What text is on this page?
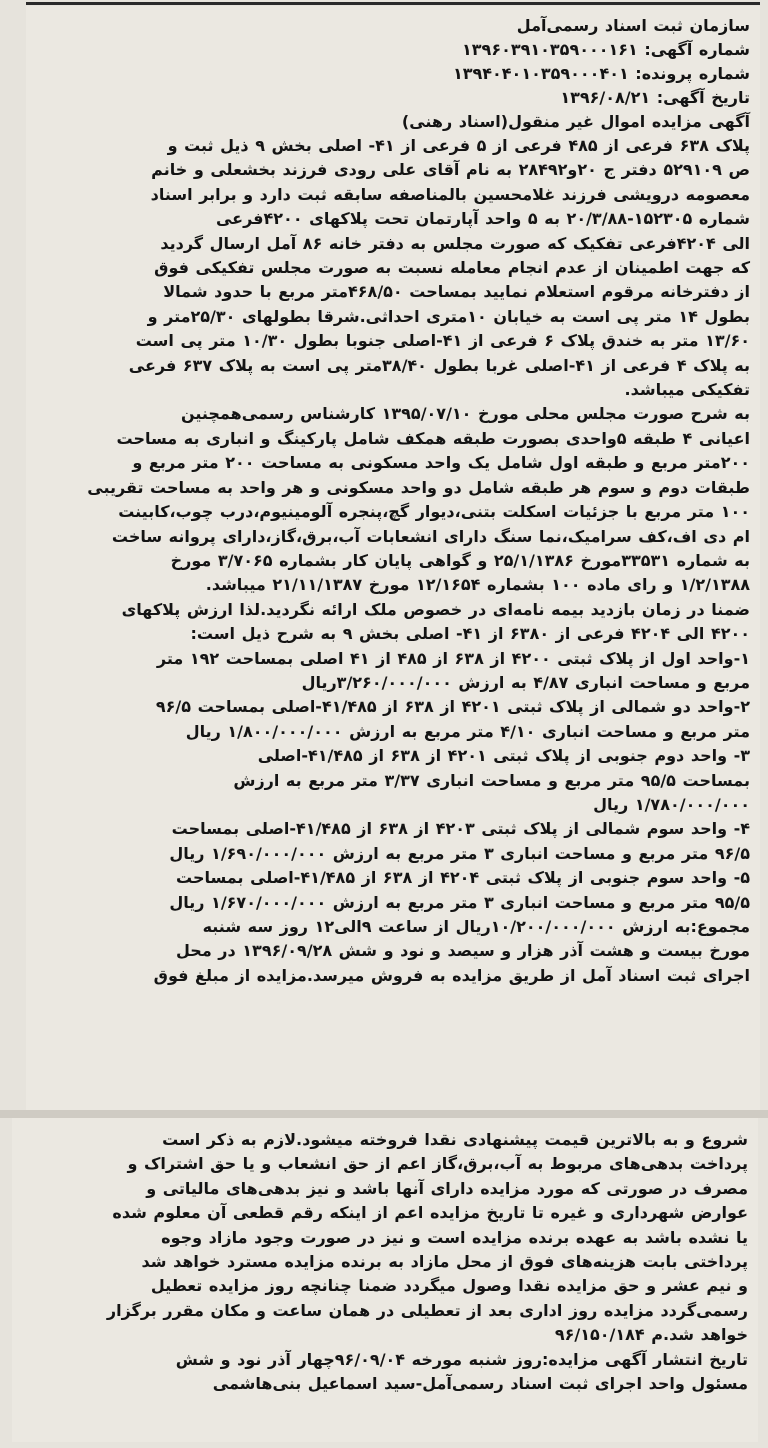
سازمان ثبت اسناد رسمی‌آمل
شماره آگهی: ۱۳۹۶۰۳۹۱۰۳۵۹۰۰۰۱۶۱
شماره پرونده: ۱۳۹۴۰۴۰۱۰۳۵۹۰۰۰۴۰۱
تاریخ آگهی: ۱۳۹۶/۰۸/۲۱
آگهی مزایده اموال غیر منقول(اسناد رهنی)
پلاک ۶۳۸ فرعی از ۴۸۵ فرعی از ۵ فرعی از ۴۱- اصلی بخش ۹ ذیل ثبت و
ص ۵۲۹۱۰۹ دفتر ج ۲۰و۲۸۴۹۲ به نام آقای علی رودی فرزند بخشعلی و خانم
معصومه درویشی فرزند غلامحسین بالمناصفه سابقه ثبت دارد و برابر اسناد
شماره ۱۵۲۳۰۵-۲۰/۳/۸۸ به ۵ واحد آپارتمان تحت پلاکهای ۴۲۰۰فرعی
الی ۴۲۰۴فرعی تفکیک که صورت مجلس به دفتر خانه ۸۶ آمل ارسال گردید
که جهت اطمینان از عدم انجام معامله نسبت به صورت مجلس تفکیکی فوق
از دفترخانه مرقوم استعلام نمایید بمساحت ۴۶۸/۵۰متر مربع با حدود شمالا
بطول ۱۴ متر پی است به خیابان ۱۰متری احداثی.شرقا بطولهای ۲۵/۳۰متر و
۱۳/۶۰ متر به خندق پلاک ۶ فرعی از ۴۱-اصلی جنوبا بطول ۱۰/۳۰ متر پی است
به پلاک ۴ فرعی از ۴۱-اصلی غربا بطول ۳۸/۴۰متر پی است به پلاک ۶۳۷ فرعی
تفکیکی میباشد.
به شرح صورت مجلس محلی مورخ ۱۳۹۵/۰۷/۱۰ کارشناس رسمی‌همچنین
اعیانی ۴ طبقه ۵واحدی بصورت طبقه همکف شامل پارکینگ و انباری به مساحت
۲۰۰متر مربع و طبقه اول شامل یک واحد مسکونی به مساحت ۲۰۰ متر مربع و
طبقات دوم و سوم هر طبقه شامل دو واحد مسکونی و هر واحد به مساحت تقریبی
۱۰۰ متر مربع با جزئیات اسکلت بتنی،دیوار گچ،پنجره آلومینیوم،درب چوب،کابینت
ام دی اف،کف سرامیک،نما سنگ دارای انشعابات آب،برق،گاز،دارای پروانه ساخت
به شماره ۳۳۵۳۱مورخ ۲۵/۱/۱۳۸۶ و گواهی پایان کار بشماره ۳/۷۰۶۵ مورخ
۱/۲/۱۳۸۸ و رای ماده ۱۰۰ بشماره ۱۲/۱۶۵۴ مورخ ۲۱/۱۱/۱۳۸۷ میباشد.
ضمنا در زمان بازدید بیمه نامه‌ای در خصوص ملک ارائه نگردید.لذا ارزش پلاکهای
۴۲۰۰ الی ۴۲۰۴ فرعی از ۶۳۸۰ از ۴۱- اصلی بخش ۹ به شرح ذیل است:
۱-واحد اول از پلاک ثبتی ۴۲۰۰ از ۶۳۸ از ۴۸۵ از ۴۱ اصلی بمساحت ۱۹۲ متر
مربع و مساحت انباری ۴/۸۷ به ارزش ۳/۲۶۰/۰۰۰/۰۰۰ریال
۲-واحد دو شمالی از پلاک ثبتی ۴۲۰۱ از ۶۳۸ از ۴۱/۴۸۵-اصلی بمساحت ۹۶/۵
متر مربع و مساحت انباری ۴/۱۰ متر مربع به ارزش ۱/۸۰۰/۰۰۰/۰۰۰ ریال
۳- واحد دوم جنوبی از پلاک ثبتی ۴۲۰۱ از ۶۳۸ از ۴۱/۴۸۵-اصلی
بمساحت ۹۵/۵ متر مربع و مساحت انباری ۳/۳۷ متر مربع به ارزش
۱/۷۸۰/۰۰۰/۰۰۰ ریال
۴- واحد سوم شمالی از پلاک ثبتی ۴۲۰۳ از ۶۳۸ از ۴۱/۴۸۵-اصلی بمساحت
۹۶/۵ متر مربع و مساحت انباری ۳ متر مربع به ارزش ۱/۶۹۰/۰۰۰/۰۰۰ ریال
۵- واحد سوم جنوبی از پلاک ثبتی ۴۲۰۴ از ۶۳۸ از ۴۱/۴۸۵-اصلی بمساحت
۹۵/۵ متر مربع و مساحت انباری ۳ متر مربع به ارزش ۱/۶۷۰/۰۰۰/۰۰۰ ریال
مجموع:به ارزش ۱۰/۲۰۰/۰۰۰/۰۰۰ریال از ساعت ۹الی۱۲ روز سه شنبه
مورخ بیست و هشت آذر هزار و سیصد و نود و شش ۱۳۹۶/۰۹/۲۸ در محل
اجرای ثبت اسناد آمل از طریق مزایده به فروش میرسد.مزایده از مبلغ فوق
شروع و به بالاترین قیمت پیشنهادی نقدا فروخته میشود.لازم به ذکر است
پرداخت بدهی‌های مربوط به آب،برق،گاز اعم از حق انشعاب و یا حق اشتراک و
مصرف در صورتی که مورد مزایده دارای آنها باشد و نیز بدهی‌های مالیاتی و
عوارض شهرداری و غیره تا تاریخ مزایده اعم از اینکه رقم قطعی آن معلوم شده
یا نشده باشد به عهده برنده مزایده است و نیز در صورت وجود مازاد وجوه
پرداختی بابت هزینه‌های فوق از محل مازاد به برنده مزایده مسترد خواهد شد
و نیم عشر و حق مزایده نقدا وصول میگردد ضمنا چنانچه روز مزایده تعطیل
رسمی‌گردد مزایده روز اداری بعد از تعطیلی در همان ساعت و مکان مقرر برگزار
خواهد شد.م ۹۶/۱۵۰/۱۸۴
تاریخ انتشار آگهی مزایده:روز شنبه مورخه ۹۶/۰۹/۰۴چهار آذر نود و شش
مسئول واحد اجرای ثبت اسناد رسمی‌آمل-سید اسماعیل بنی‌هاشمی
